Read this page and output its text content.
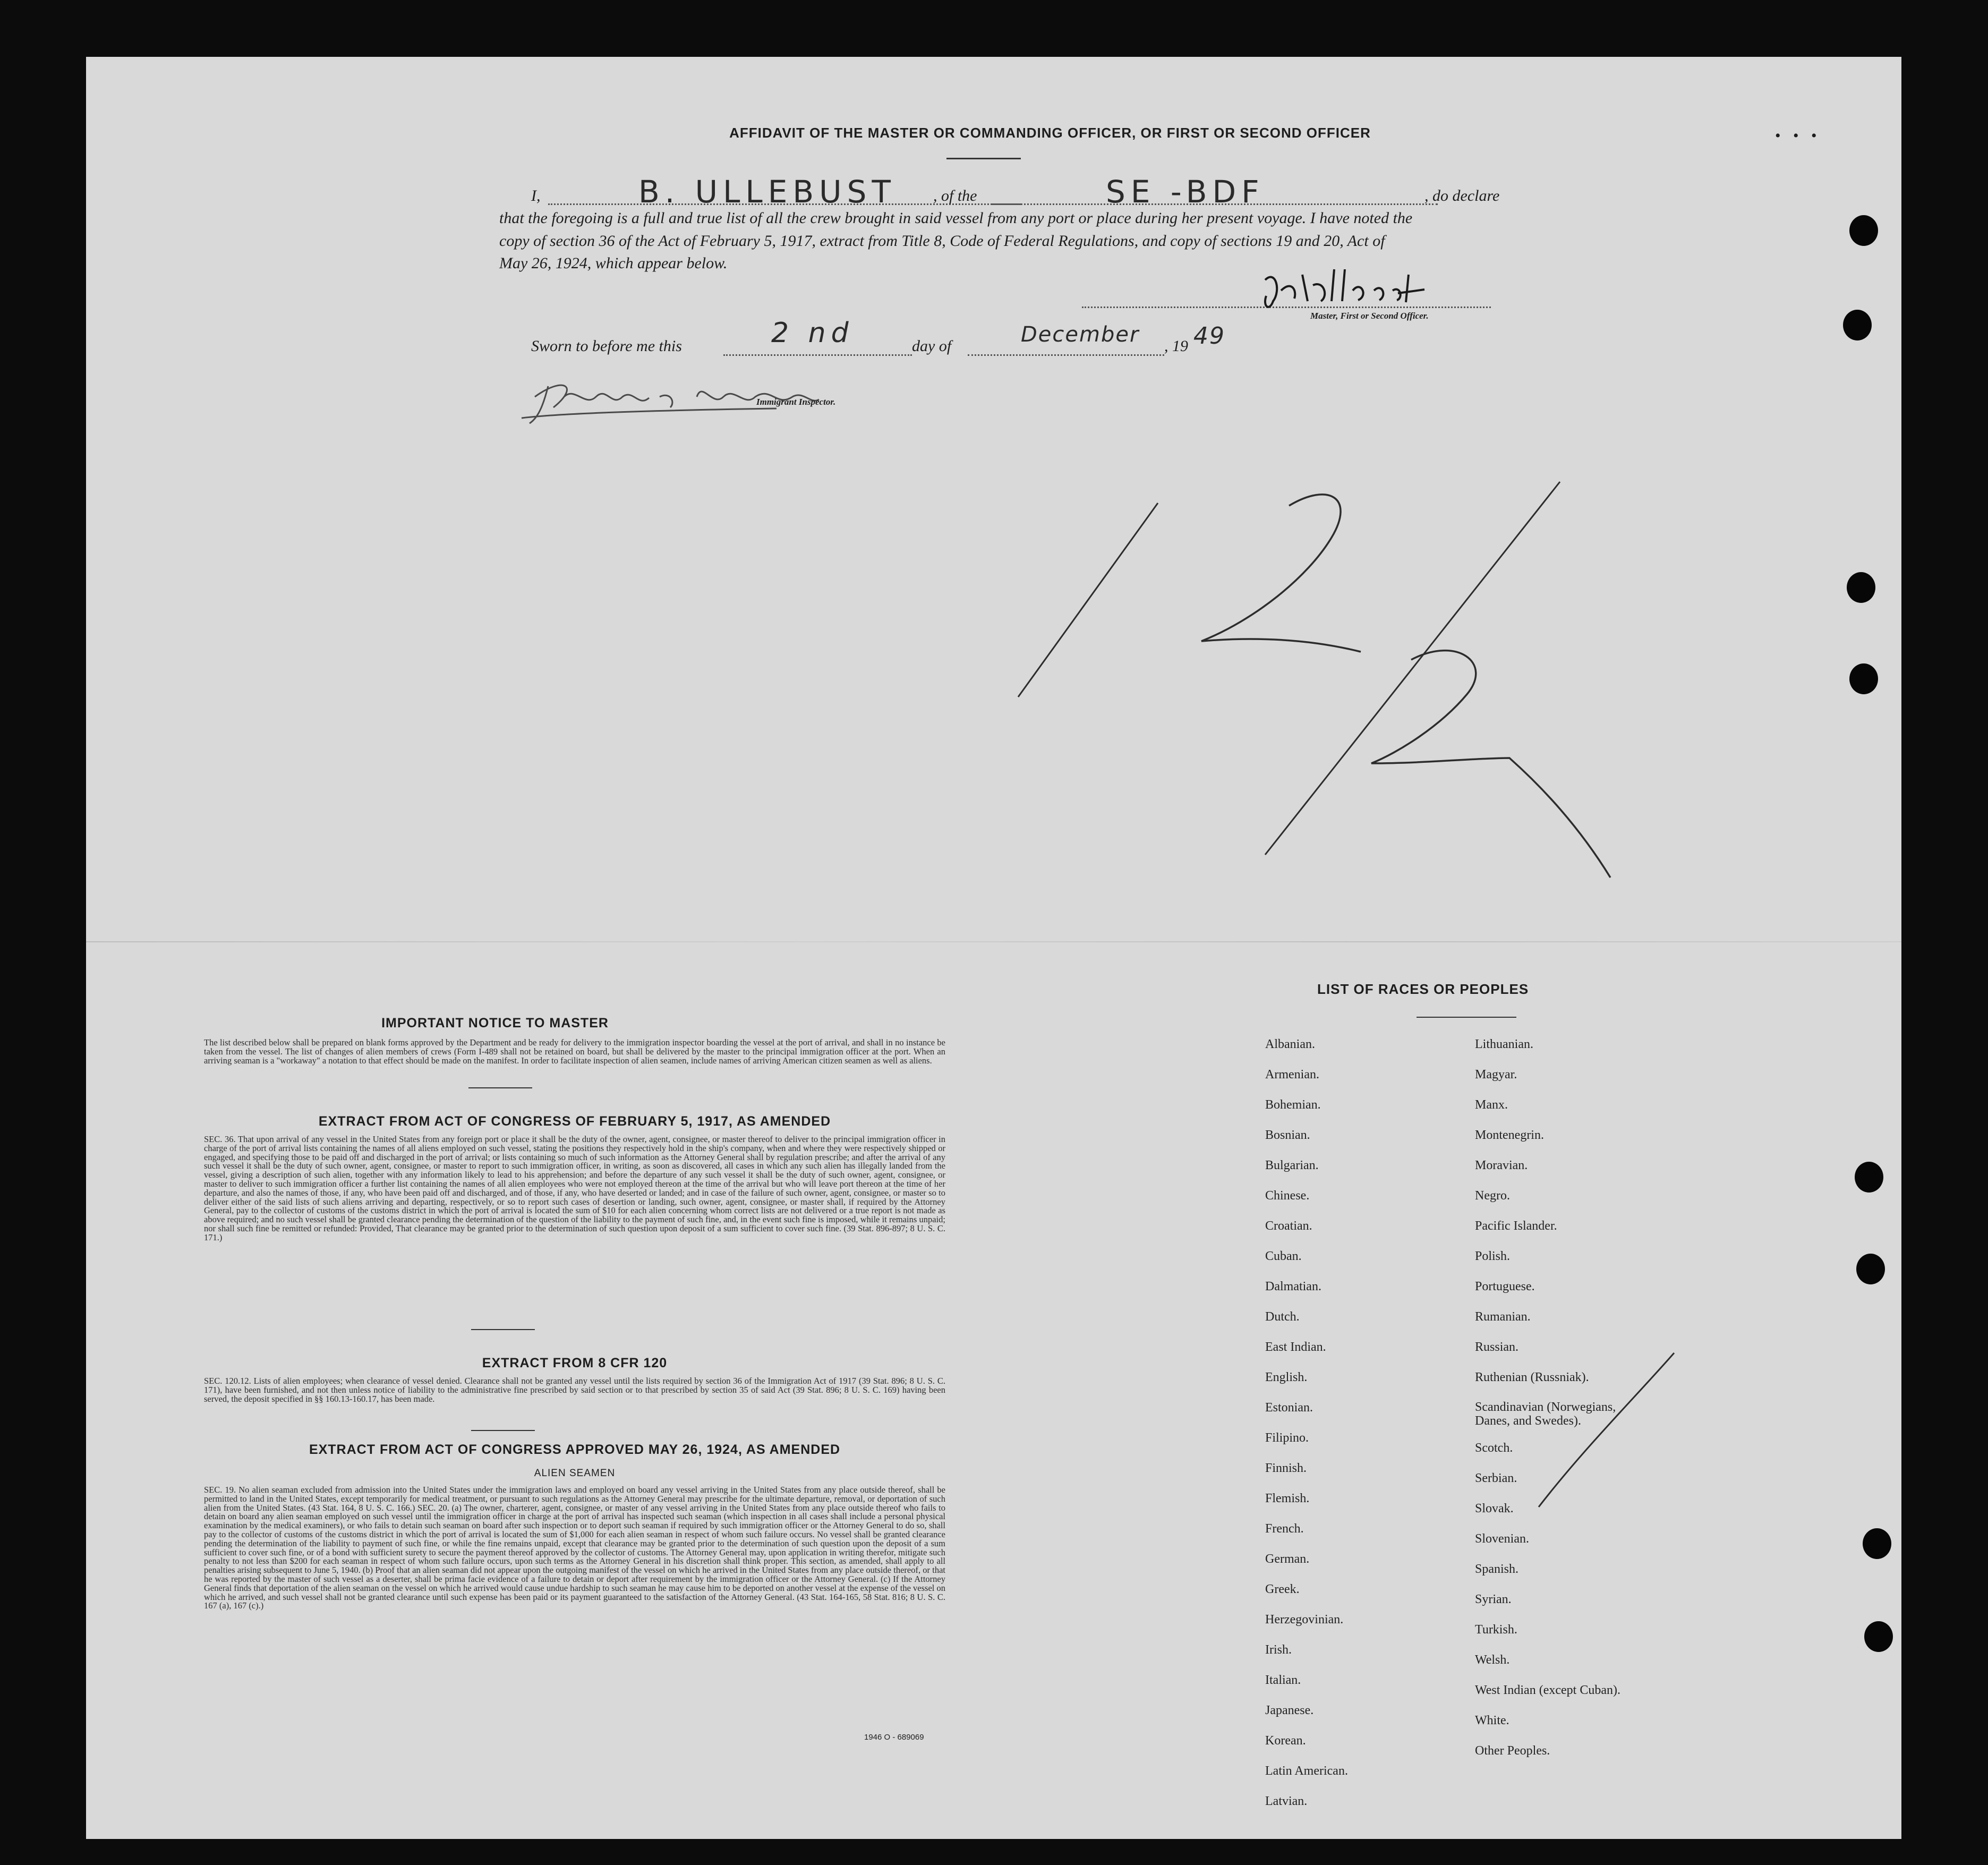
AFFIDAVIT OF THE MASTER OR COMMANDING OFFICER, OR FIRST OR SECOND OFFICER	• • •
I,	B. ULLEBUST , of the	SE -BDF	, do declare
that the foregoing is a full and true list of all the crew brought in said vessel from any port or place during her present voyage. I have noted the
copy of section 36 of the Act of February 5, 1917, extract from Title 8, Code of Federal Regulations, and copy of sections 19 and 20, Act of
May 26, 1924, which appear below.
Master, First or Second Officer.
Sworn to before me this	2 nd	day of	December , 19 49
Immigrant Inspector.
IMPORTANT NOTICE TO MASTER
The list described below shall be prepared on blank forms approved by the Department and be ready for delivery to the immigration inspector boarding the vessel at the port of arrival, and shall in no instance be taken from the vessel. The list of changes of alien members of crews (Form I-489 shall not be retained on board, but shall be delivered by the master to the principal immigration officer at the port. When an arriving seaman is a "workaway" a notation to that effect should be made on the manifest. In order to facilitate inspection of alien seamen, include names of arriving American citizen seamen as well as aliens.
EXTRACT FROM ACT OF CONGRESS OF FEBRUARY 5, 1917, AS AMENDED
SEC. 36. That upon arrival of any vessel in the United States from any foreign port or place it shall be the duty of the owner, agent, consignee, or master thereof to deliver to the principal immigration officer in charge of the port of arrival lists containing the names of all aliens employed on such vessel, stating the positions they respectively hold in the ship's company, when and where they were respectively shipped or engaged, and specifying those to be paid off and discharged in the port of arrival; or lists containing so much of such information as the Attorney General shall by regulation prescribe; and after the arrival of any such vessel it shall be the duty of such owner, agent, consignee, or master to report to such immigration officer, in writing, as soon as discovered, all cases in which any such alien has illegally landed from the vessel, giving a description of such alien, together with any information likely to lead to his apprehension; and before the departure of any such vessel it shall be the duty of such owner, agent, consignee, or master to deliver to such immigration officer a further list containing the names of all alien employees who were not employed thereon at the time of the arrival but who will leave port thereon at the time of her departure, and also the names of those, if any, who have been paid off and discharged, and of those, if any, who have deserted or landed; and in case of the failure of such owner, agent, consignee, or master so to deliver either of the said lists of such aliens arriving and departing, respectively, or so to report such cases of desertion or landing, such owner, agent, consignee, or master shall, if required by the Attorney General, pay to the collector of customs of the customs district in which the port of arrival is located the sum of $10 for each alien concerning whom correct lists are not delivered or a true report is not made as above required; and no such vessel shall be granted clearance pending the determination of the question of the liability to the payment of such fine, and, in the event such fine is imposed, while it remains unpaid; nor shall such fine be remitted or refunded: Provided, That clearance may be granted prior to the determination of such question upon deposit of a sum sufficient to cover such fine. (39 Stat. 896-897; 8 U. S. C. 171.)
EXTRACT FROM 8 CFR 120
SEC. 120.12. Lists of alien employees; when clearance of vessel denied. Clearance shall not be granted any vessel until the lists required by section 36 of the Immigration Act of 1917 (39 Stat. 896; 8 U. S. C. 171), have been furnished, and not then unless notice of liability to the administrative fine prescribed by said section or to that prescribed by section 35 of said Act (39 Stat. 896; 8 U. S. C. 169) having been served, the deposit specified in §§ 160.13-160.17, has been made.
EXTRACT FROM ACT OF CONGRESS APPROVED MAY 26, 1924, AS AMENDED
ALIEN SEAMEN
SEC. 19. No alien seaman excluded from admission into the United States under the immigration laws and employed on board any vessel arriving in the United States from any place outside thereof, shall be permitted to land in the United States, except temporarily for medical treatment, or pursuant to such regulations as the Attorney General may prescribe for the ultimate departure, removal, or deportation of such alien from the United States. (43 Stat. 164, 8 U. S. C. 166.) SEC. 20. (a) The owner, charterer, agent, consignee, or master of any vessel arriving in the United States from any place outside thereof who fails to detain on board any alien seaman employed on such vessel until the immigration officer in charge at the port of arrival has inspected such seaman (which inspection in all cases shall include a personal physical examination by the medical examiners), or who fails to detain such seaman on board after such inspection or to deport such seaman if required by such immigration officer or the Attorney General to do so, shall pay to the collector of customs of the customs district in which the port of arrival is located the sum of $1,000 for each alien seaman in respect of whom such failure occurs. No vessel shall be granted clearance pending the determination of the liability to payment of such fine, or while the fine remains unpaid, except that clearance may be granted prior to the determination of such question upon the deposit of a sum sufficient to cover such fine, or of a bond with sufficient surety to secure the payment thereof approved by the collector of customs. The Attorney General may, upon application in writing therefor, mitigate such penalty to not less than $200 for each seaman in respect of whom such failure occurs, upon such terms as the Attorney General in his discretion shall think proper. This section, as amended, shall apply to all penalties arising subsequent to June 5, 1940. (b) Proof that an alien seaman did not appear upon the outgoing manifest of the vessel on which he arrived in the United States from any place outside thereof, or that he was reported by the master of such vessel as a deserter, shall be prima facie evidence of a failure to detain or deport after requirement by the immigration officer or the Attorney General. (c) If the Attorney General finds that deportation of the alien seaman on the vessel on which he arrived would cause undue hardship to such seaman he may cause him to be deported on another vessel at the expense of the vessel on which he arrived, and such vessel shall not be granted clearance until such expense has been paid or its payment guaranteed to the satisfaction of the Attorney General. (43 Stat. 164-165, 58 Stat. 816; 8 U. S. C. 167 (a), 167 (c).)
1946 O - 689069
LIST OF RACES OR PEOPLES
Albanian.
Armenian.
Bohemian.
Bosnian.
Bulgarian.
Chinese.
Croatian.
Cuban.
Dalmatian.
Dutch.
East Indian.
English.
Estonian.
Filipino.
Finnish.
Flemish.
French.
German.
Greek.
Herzegovinian.
Irish.
Italian.
Japanese.
Korean.
Latin American.
Latvian.
Lithuanian.
Magyar.
Manx.
Montenegrin.
Moravian.
Negro.
Pacific Islander.
Polish.
Portuguese.
Rumanian.
Russian.
Ruthenian (Russniak).
Scandinavian (Norwegians, Danes, and Swedes).
Scotch.
Serbian.
Slovak.
Slovenian.
Spanish.
Syrian.
Turkish.
Welsh.
West Indian (except Cuban).
White.
Other Peoples.
